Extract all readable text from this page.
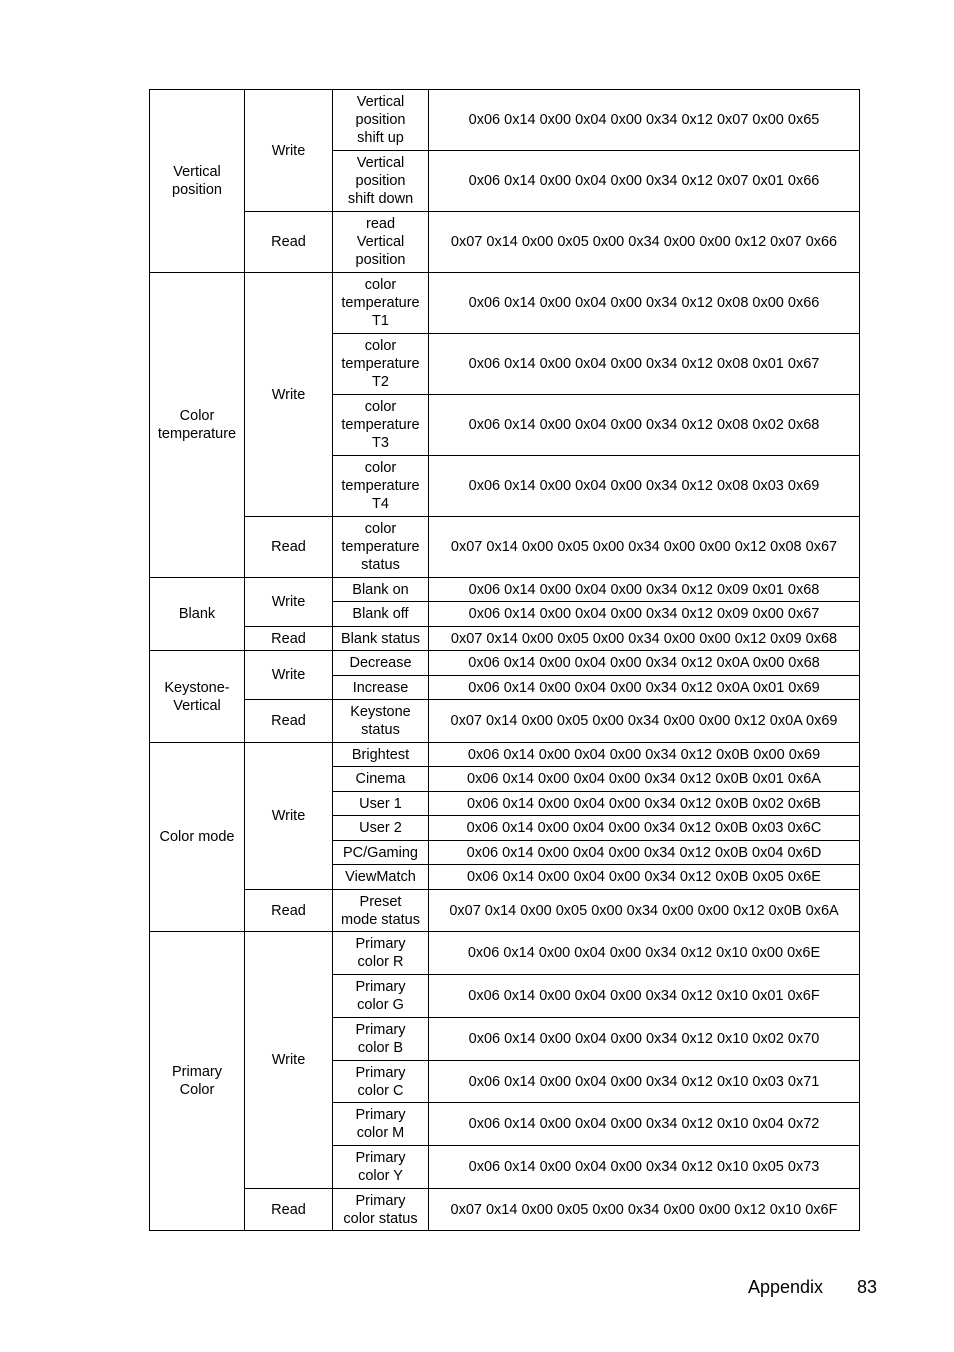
Vertical
position	Write	Vertical
position
shift up	0x06 0x14 0x00 0x04 0x00 0x34 0x12 0x07 0x00 0x65
		Vertical
position
shift down	0x06 0x14 0x00 0x04 0x00 0x34 0x12 0x07 0x01 0x66
	Read	read
Vertical
position	0x07 0x14 0x00 0x05 0x00 0x34 0x00 0x00 0x12 0x07 0x66
Color
temperature	Write	color
temperature
T1	0x06 0x14 0x00 0x04 0x00 0x34 0x12 0x08 0x00 0x66
		color
temperature
T2	0x06 0x14 0x00 0x04 0x00 0x34 0x12 0x08 0x01 0x67
		color
temperature
T3	0x06 0x14 0x00 0x04 0x00 0x34 0x12 0x08 0x02 0x68
		color
temperature
T4	0x06 0x14 0x00 0x04 0x00 0x34 0x12 0x08 0x03 0x69
	Read	color
temperature
status	0x07 0x14 0x00 0x05 0x00 0x34 0x00 0x00 0x12 0x08 0x67
Blank	Write	Blank on	0x06 0x14 0x00 0x04 0x00 0x34 0x12 0x09 0x01 0x68
		Blank off	0x06 0x14 0x00 0x04 0x00 0x34 0x12 0x09 0x00 0x67
	Read	Blank status	0x07 0x14 0x00 0x05 0x00 0x34 0x00 0x00 0x12 0x09 0x68
Keystone-
Vertical	Write	Decrease	0x06 0x14 0x00 0x04 0x00 0x34 0x12 0x0A 0x00 0x68
		Increase	0x06 0x14 0x00 0x04 0x00 0x34 0x12 0x0A 0x01 0x69
	Read	Keystone
status	0x07 0x14 0x00 0x05 0x00 0x34 0x00 0x00 0x12 0x0A 0x69
Color mode	Write	Brightest	0x06 0x14 0x00 0x04 0x00 0x34 0x12 0x0B 0x00 0x69
		Cinema	0x06 0x14 0x00 0x04 0x00 0x34 0x12 0x0B 0x01 0x6A
		User 1	0x06 0x14 0x00 0x04 0x00 0x34 0x12 0x0B 0x02 0x6B
		User 2	0x06 0x14 0x00 0x04 0x00 0x34 0x12 0x0B 0x03 0x6C
		PC/Gaming	0x06 0x14 0x00 0x04 0x00 0x34 0x12 0x0B 0x04 0x6D
		ViewMatch	0x06 0x14 0x00 0x04 0x00 0x34 0x12 0x0B 0x05 0x6E
	Read	Preset
mode status	0x07 0x14 0x00 0x05 0x00 0x34 0x00 0x00 0x12 0x0B 0x6A
Primary
Color	Write	Primary
color R	0x06 0x14 0x00 0x04 0x00 0x34 0x12 0x10 0x00 0x6E
		Primary
color G	0x06 0x14 0x00 0x04 0x00 0x34 0x12 0x10 0x01 0x6F
		Primary
color B	0x06 0x14 0x00 0x04 0x00 0x34 0x12 0x10 0x02 0x70
		Primary
color C	0x06 0x14 0x00 0x04 0x00 0x34 0x12 0x10 0x03 0x71
		Primary
color M	0x06 0x14 0x00 0x04 0x00 0x34 0x12 0x10 0x04 0x72
		Primary
color Y	0x06 0x14 0x00 0x04 0x00 0x34 0x12 0x10 0x05 0x73
	Read	Primary
color status	0x07 0x14 0x00 0x05 0x00 0x34 0x00 0x00 0x12 0x10 0x6F
Appendix 83
